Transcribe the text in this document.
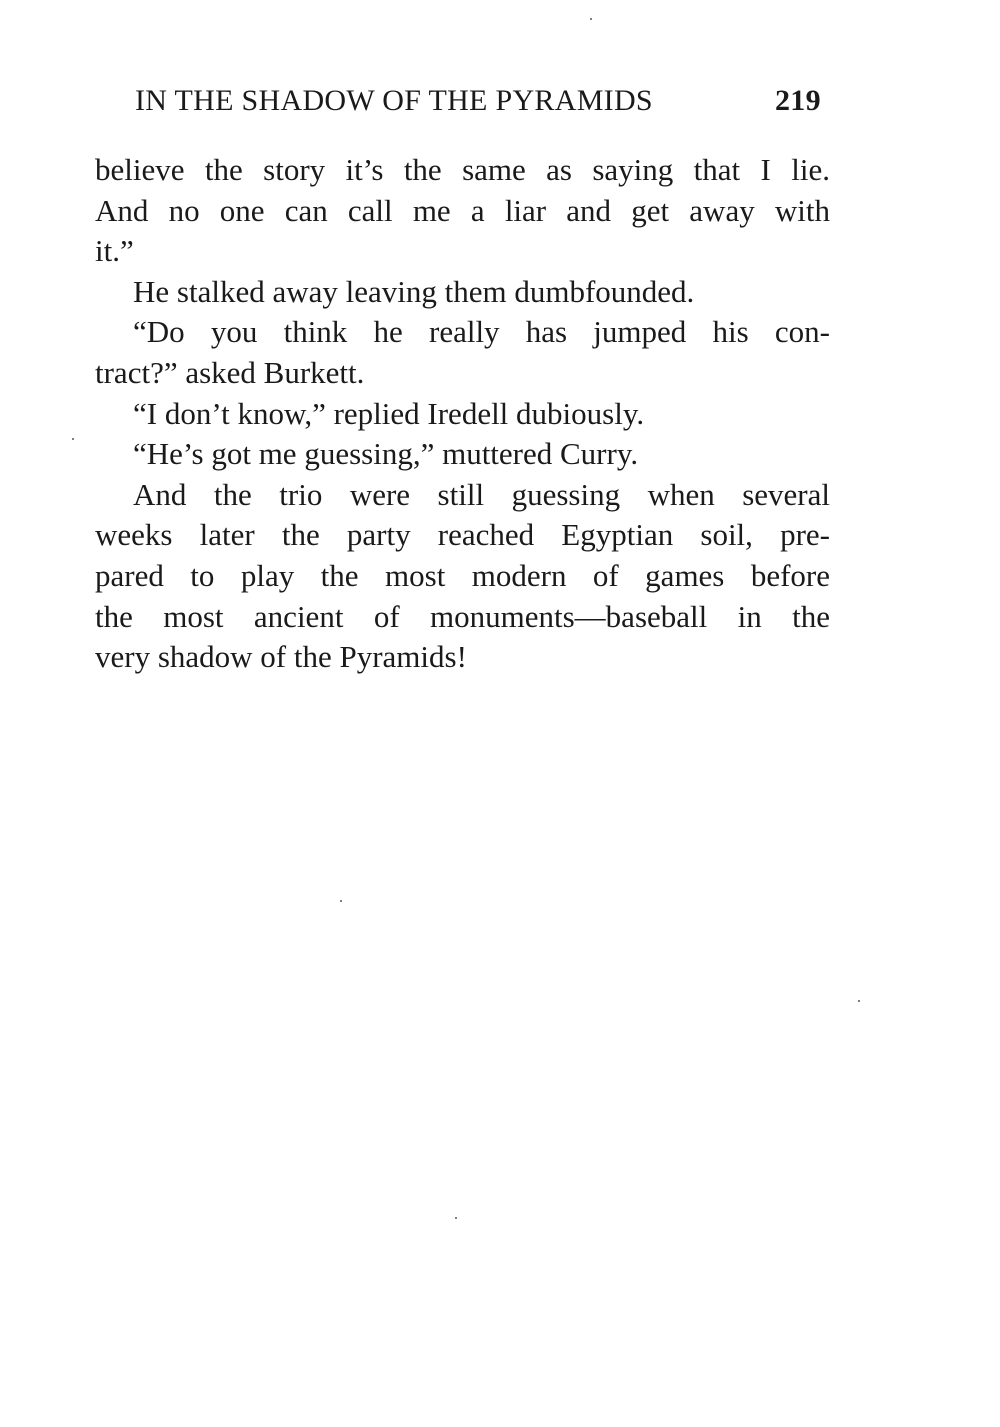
IN THE SHADOW OF THE PYRAMIDS	219
believe the story it’s the same as saying that I lie.
And no one can call me a liar and get away with
it.”
He stalked away leaving them dumbfounded.
“Do you think he really has jumped his con-
tract?” asked Burkett.
“I don’t know,” replied Iredell dubiously.
“He’s got me guessing,” muttered Curry.
And the trio were still guessing when several
weeks later the party reached Egyptian soil, pre-
pared to play the most modern of games before
the most ancient of monuments—baseball in the
very shadow of the Pyramids!
